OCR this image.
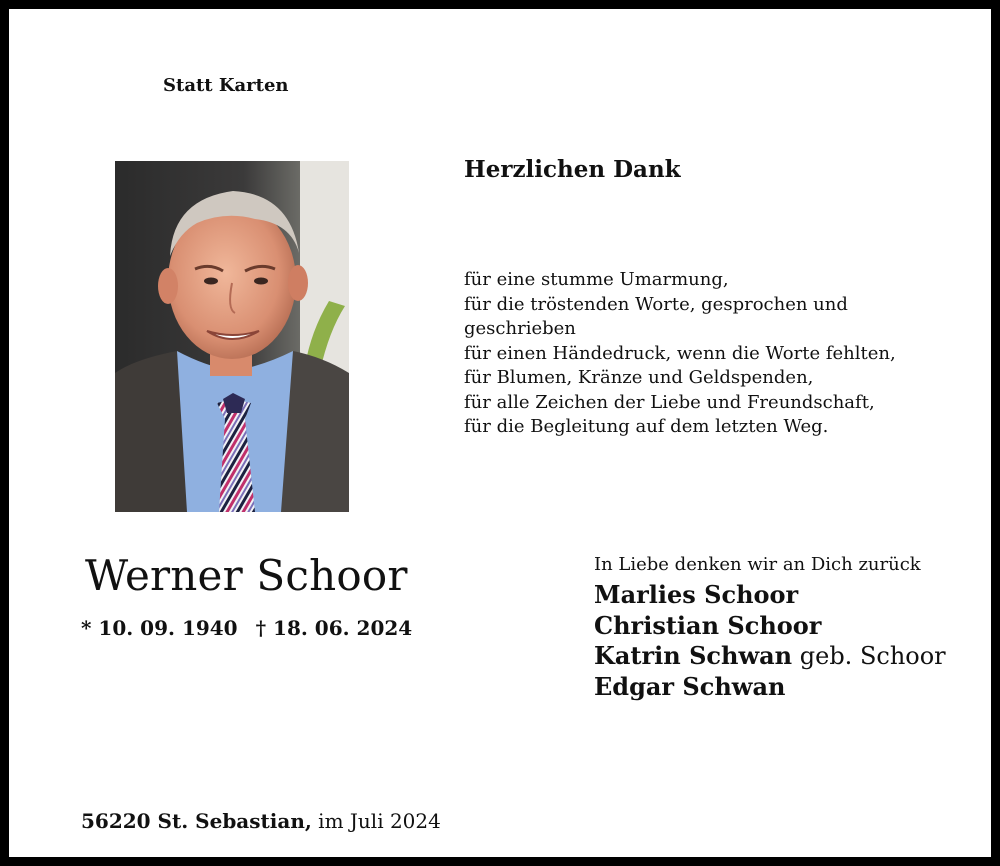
Statt Karten
Herzlichen Dank
für eine stumme Umarmung,
für die tröstenden Worte, gesprochen und
geschrieben
für einen Händedruck, wenn die Worte fehlten,
für Blumen, Kränze und Geldspenden,
für alle Zeichen der Liebe und Freundschaft,
für die Begleitung auf dem letzten Weg.
Werner Schoor
* 10. 09. 1940 † 18. 06. 2024
In Liebe denken wir an Dich zurück
Marlies Schoor
Christian Schoor
Katrin Schwan geb. Schoor
Edgar Schwan
56220 St. Sebastian, im Juli 2024
